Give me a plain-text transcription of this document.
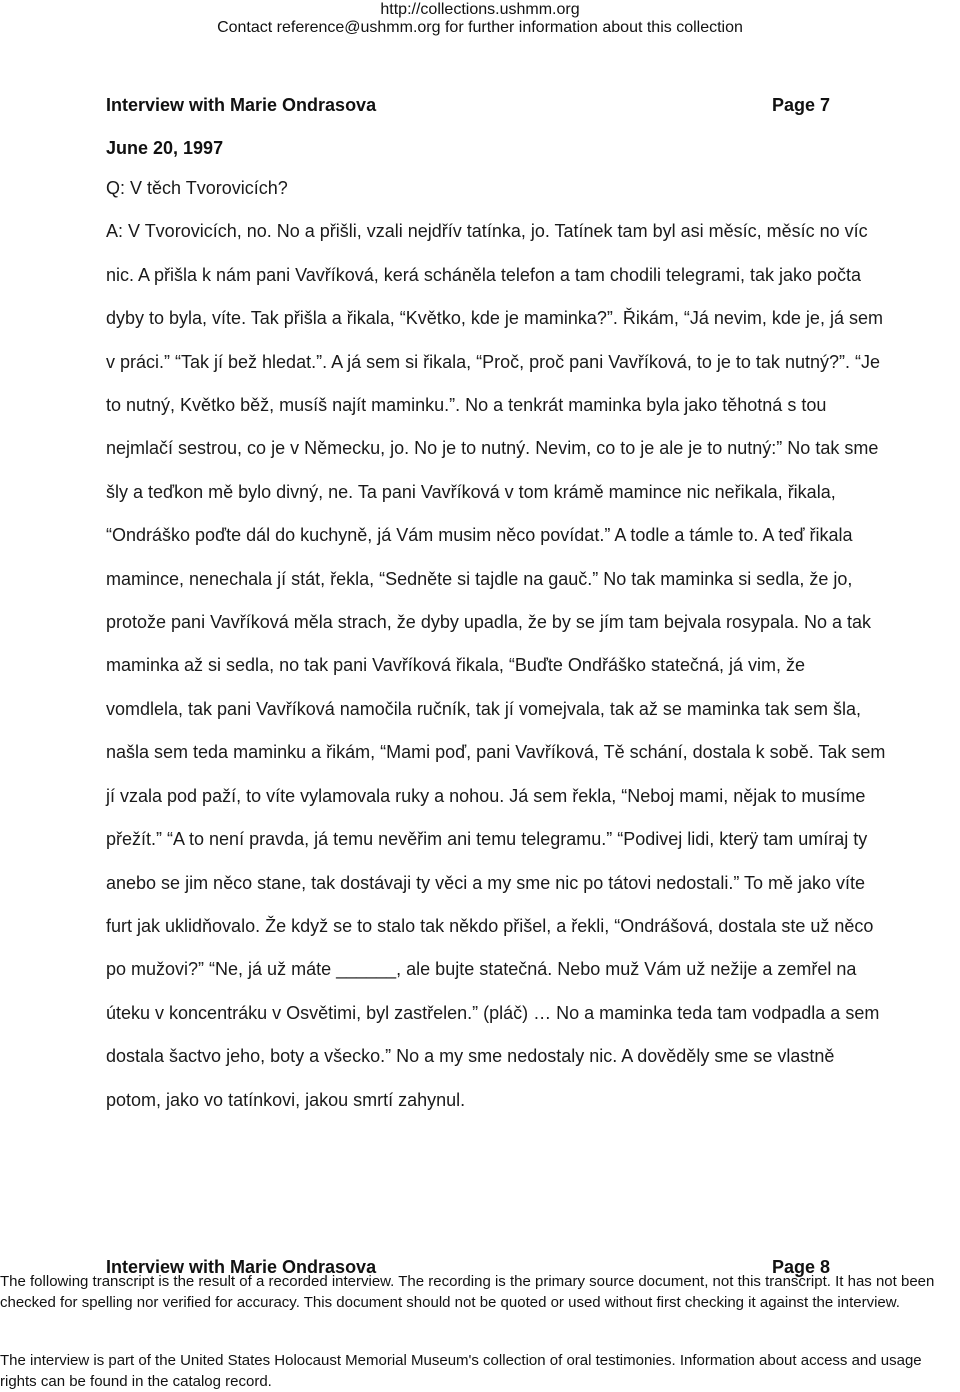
http://collections.ushmm.org
Contact reference@ushmm.org for further information about this collection
Interview with Marie Ondrasova	Page 7
June 20, 1997

Q: V těch Tvorovicích?

A: V Tvorovicích, no. No a přišli, vzali nejdřív tatínka, jo. Tatínek tam byl asi měsíc, měsíc no víc nic. A přišla k nám pani Vavříková, kerá scháněla telefon a tam chodili telegrami, tak jako počta dyby to byla, víte. Tak přišla a řikala, “Květko, kde je maminka?”. Řikám, “Já nevim, kde je, já sem v práci.” “Tak jí bež hledat.”. A já sem si řikala, “Proč, proč pani Vavříková, to je to tak nutný?”. “Je to nutný, Květko běž, musíš najít maminku.”. No a tenkrát maminka byla jako těhotná s tou nejmlačí sestrou, co je v Německu, jo. No je to nutný. Nevim, co to je ale je to nutný:” No tak sme šly a teďkon mě bylo divný, ne. Ta pani Vavříková v tom krámě mamince nic neřikala, řikala, “Ondráško poďte dál do kuchyně, já Vám musim něco povídat.” A todle a támle to. A teď řikala mamince, nenechala jí stát, řekla, “Sedněte si tajdle na gauč.” No tak maminka si sedla, že jo, protože pani Vavříková měla strach, že dyby upadla, že by se jím tam bejvala rosypala. No a tak maminka až si sedla, no tak pani Vavříková řikala, “Buďte Ondřáško statečná, já vim, že vomdlela, tak pani Vavříková namočila ručník, tak jí vomejvala, tak až se maminka tak sem šla, našla sem teda maminku a řikám, “Mami poď, pani Vavříková, Tě schání, dostala k sobě. Tak sem jí vzala pod paží, to víte vylamovala ruky a nohou. Já sem řekla, “Neboj mami, nějak to musíme přežít.” “A to není pravda, já temu nevěřim ani temu telegramu.” “Podivej lidi, kterÿ tam umíraj ty anebo se jim něco stane, tak dostávaji ty věci a my sme nic po tátovi nedostali.” To mě jako víte furt jak uklidňovalo. Že když se to stalo tak někdo přišel, a řekli, “Ondrášová, dostala ste už něco po mužovi?” “Ne, já už máte ______, ale bujte statečná. Nebo muž Vám už nežije a zemřel na úteku v koncentráku v Osvětimi, byl zastřelen.” (pláč) … No a maminka teda tam vodpadla a sem dostala šactvo jeho, boty a všecko.” No a my sme nedostaly nic. A dověděly sme se vlastně potom, jako vo tatínkovi, jakou smrtí zahynul.

Interview with Marie Ondrasova	Page 8

The following transcript is the result of a recorded interview. The recording is the primary source document, not this transcript. It has not been checked for spelling nor verified for accuracy. This document should not be quoted or used without first checking it against the interview.

The interview is part of the United States Holocaust Memorial Museum's collection of oral testimonies. Information about access and usage rights can be found in the catalog record.
